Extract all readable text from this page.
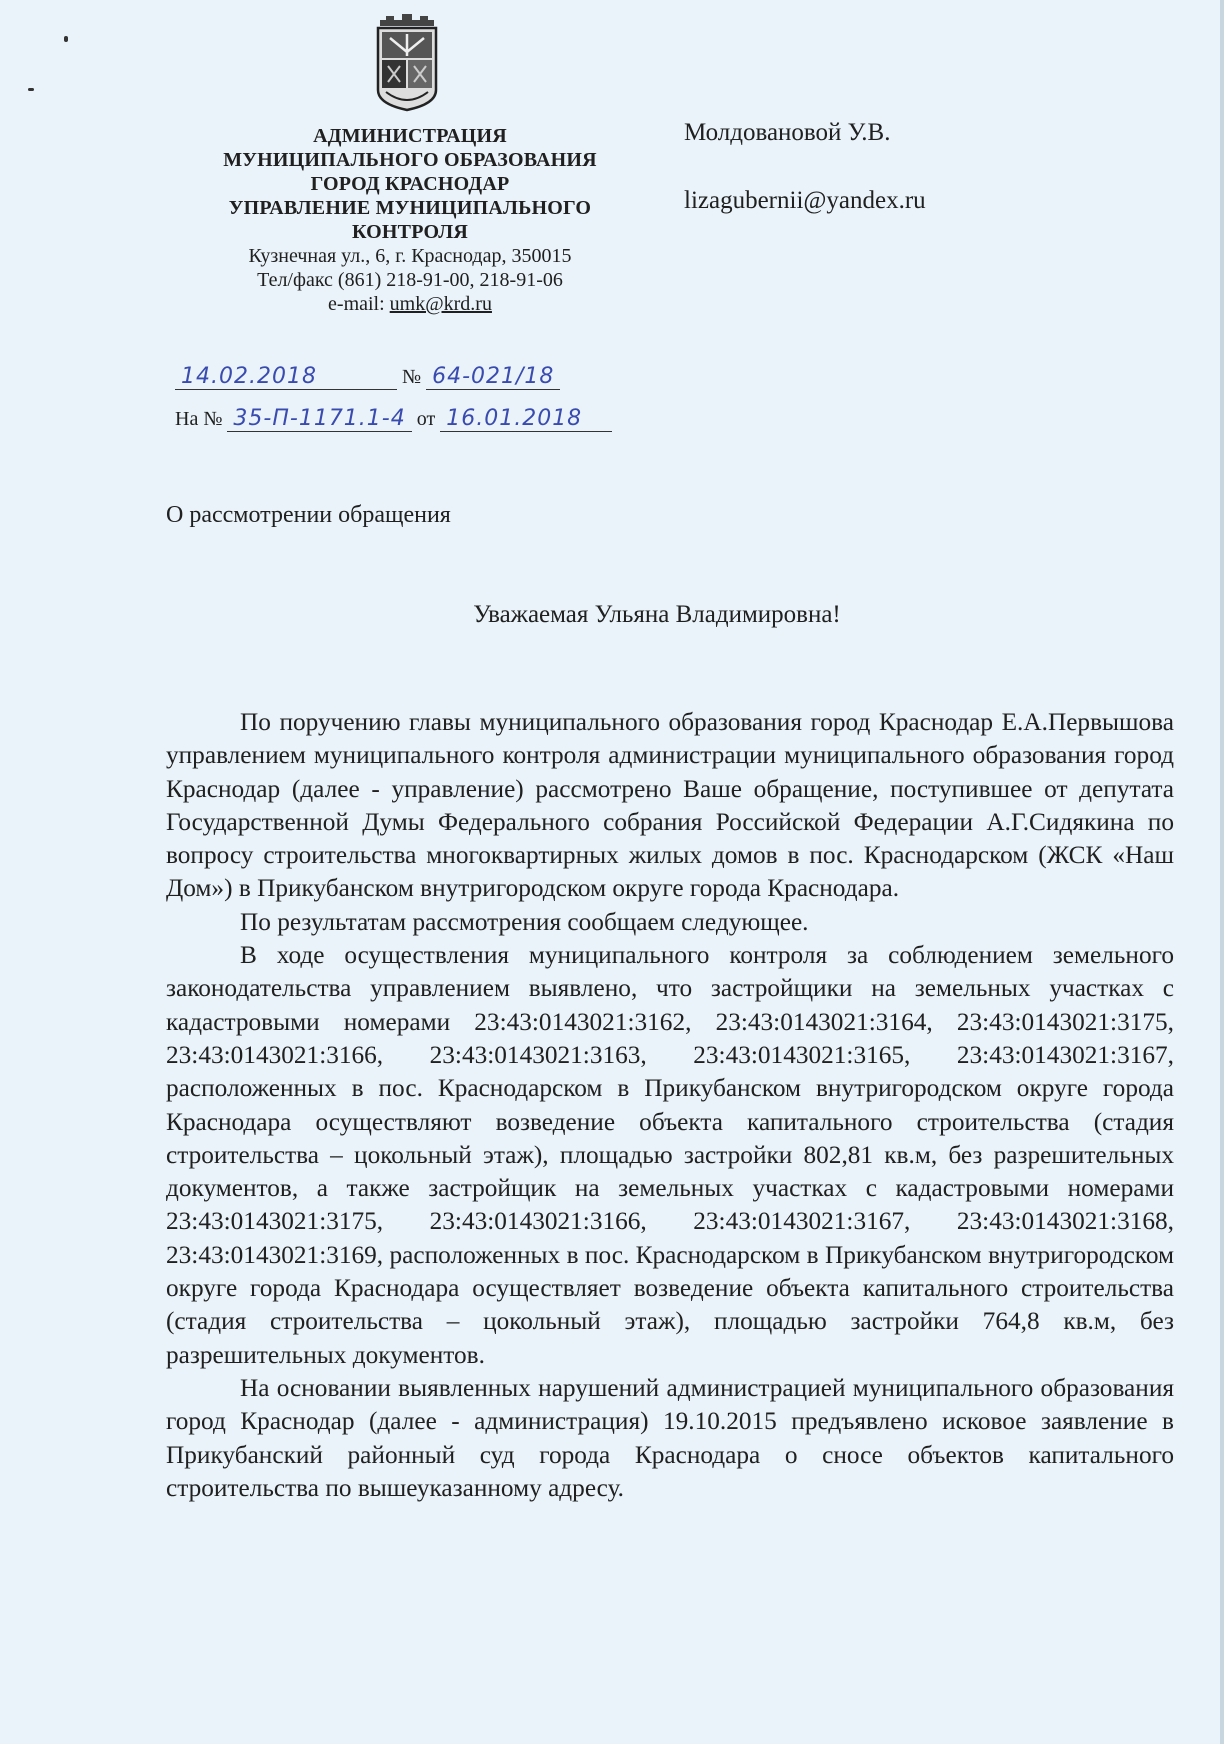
АДМИНИСТРАЦИЯ
МУНИЦИПАЛЬНОГО ОБРАЗОВАНИЯ
ГОРОД КРАСНОДАР
УПРАВЛЕНИЕ МУНИЦИПАЛЬНОГО
КОНТРОЛЯ
Кузнечная ул., 6, г. Краснодар, 350015
Тел/факс (861) 218-91-00, 218-91-06
e-mail: umk@krd.ru
Молдовановой У.В.
lizagubernii@yandex.ru
14.02.2018	№ 64-021/18
На № 35-П-1171.1-4 от 16.01.2018
О рассмотрении обращения
Уважаемая Ульяна Владимировна!

По поручению главы муниципального образования город Краснодар Е.А.Первышова управлением муниципального контроля администрации муниципального образования город Краснодар (далее - управление) рассмотрено Ваше обращение, поступившее от депутата Государственной Думы Федерального собрания Российской Федерации А.Г.Сидякина по вопросу строительства многоквартирных жилых домов в пос. Краснодарском (ЖСК «Наш Дом») в Прикубанском внутригородском округе города Краснодара.

По результатам рассмотрения сообщаем следующее.

В ходе осуществления муниципального контроля за соблюдением земельного законодательства управлением выявлено, что застройщики на земельных участках с кадастровыми номерами 23:43:0143021:3162, 23:43:0143021:3164, 23:43:0143021:3175, 23:43:0143021:3166, 23:43:0143021:3163, 23:43:0143021:3165, 23:43:0143021:3167, расположенных в пос. Краснодарском в Прикубанском внутригородском округе города Краснодара осуществляют возведение объекта капитального строительства (стадия строительства – цокольный этаж), площадью застройки 802,81 кв.м, без разрешительных документов, а также застройщик на земельных участках с кадастровыми номерами 23:43:0143021:3175, 23:43:0143021:3166, 23:43:0143021:3167, 23:43:0143021:3168, 23:43:0143021:3169, расположенных в пос. Краснодарском в Прикубанском внутригородском округе города Краснодара осуществляет возведение объекта капитального строительства (стадия строительства – цокольный этаж), площадью застройки 764,8 кв.м, без разрешительных документов.

На основании выявленных нарушений администрацией муниципального образования город Краснодар (далее - администрация) 19.10.2015 предъявлено исковое заявление в Прикубанский районный суд города Краснодара о сносе объектов капитального строительства по вышеуказанному адресу.
